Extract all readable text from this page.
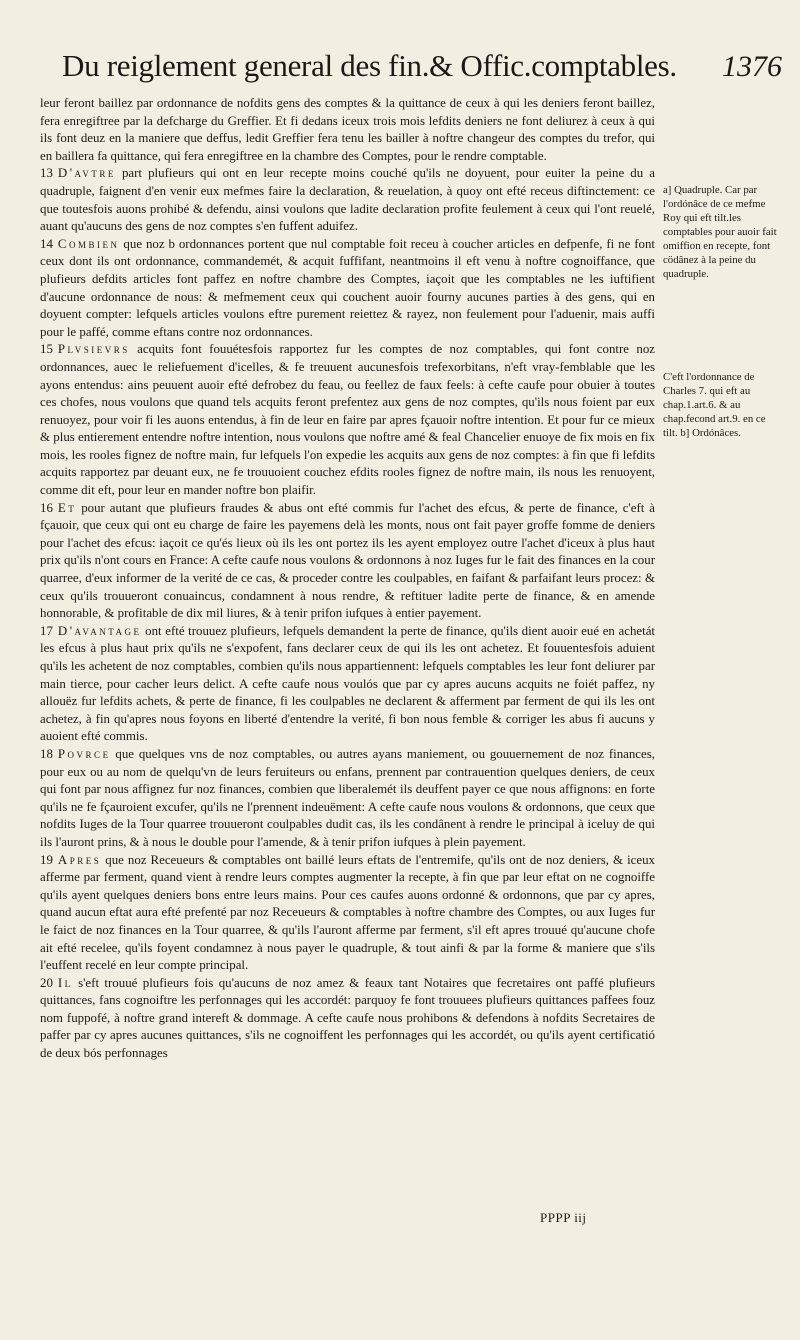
Du reiglement general des fin.& Offic.comptables. 1376

leur feront baillez par ordonnance de nofdits gens des comptes & la quittance de ceux à qui les deniers feront baillez, fera enregiftree par la defcharge du Greffier. Et fi dedans iceux trois mois lefdits deniers ne font deliurez à ceux à qui ils font deuz en la maniere que deffus, ledit Greffier fera tenu les bailler à noftre changeur des comptes du trefor, qui en baillera fa quittance, qui fera enregiftree en la chambre des Comptes, pour le rendre comptable.

13 D'avtre part plufieurs qui ont en leur recepte moins couché qu'ils ne doyuent, pour euiter la peine du a quadruple, faignent d'en venir eux mefmes faire la declaration, & reuelation, à quoy ont efté receus diftinctement: ce que toutesfois auons prohibé & defendu, ainsi voulons que ladite declaration profite feulement à ceux qui l'ont reuelé, auant qu'aucuns des gens de noz comptes s'en fuffent aduifez.

14 Combien que noz b ordonnances portent que nul comptable foit receu à coucher articles en defpenfe, fi ne font ceux dont ils ont ordonnance, commandemét, & acquit fuffifant, neantmoins il eft venu à noftre cognoiffance, que plufieurs defdits articles font paffez en noftre chambre des Comptes, iaçoit que les comptables ne les iuftifient d'aucune ordonnance de nous: & mefmement ceux qui couchent auoir fourny aucunes parties à des gens, qui en doyuent compter: lefquels articles voulons eftre purement reiettez & rayez, non feulement pour l'aduenir, mais auffi pour le paffé, comme eftans contre noz ordonnances.

15 Plvsievrs acquits font fouuétesfois rapportez fur les comptes de noz comptables, qui font contre noz ordonnances, auec le reliefuement d'icelles, & fe treuuent aucunesfois trefexorbitans, n'eft vray-femblable que les ayons entendus: ains peuuent auoir efté defrobez du feau, ou feellez de faux feels: à cefte caufe pour obuier à toutes ces chofes, nous voulons que quand tels acquits feront prefentez aux gens de noz comptes, qu'ils nous foient par eux renuoyez, pour voir fi les auons entendus, à fin de leur en faire par apres fçauoir noftre intention. Et pour fur ce mieux & plus entierement entendre noftre intention, nous voulons que noftre amé & feal Chancelier enuoye de fix mois en fix mois, les rooles fignez de noftre main, fur lefquels l'on expedie les acquits aux gens de noz comptes: à fin que fi lefdits acquits rapportez par deuant eux, ne fe trouuoient couchez efdits rooles fignez de noftre main, ils nous les renuoyent, comme dit eft, pour leur en mander noftre bon plaifir.

16 Et pour autant que plufieurs fraudes & abus ont efté commis fur l'achet des efcus, & perte de finance, c'eft à fçauoir, que ceux qui ont eu charge de faire les payemens delà les monts, nous ont fait payer groffe fomme de deniers pour l'achet des efcus: iaçoit ce qu'és lieux où ils les ont portez ils les ayent employez outre l'achet d'iceux à plus haut prix qu'ils n'ont cours en France: A cefte caufe nous voulons & ordonnons à noz Iuges fur le fait des finances en la cour quarree, d'eux informer de la verité de ce cas, & proceder contre les coulpables, en faifant & parfaifant leurs procez: & ceux qu'ils trouueront conuaincus, condamnent à nous rendre, & reftituer ladite perte de finance, & en amende honnorable, & profitable de dix mil liures, & à tenir prifon iufques à entier payement.

17 D'avantage ont efté trouuez plufieurs, lefquels demandent la perte de finance, qu'ils dient auoir eué en achetát les efcus à plus haut prix qu'ils ne s'expofent, fans declarer ceux de qui ils les ont achetez. Et fouuentesfois aduient qu'ils les achetent de noz comptables, combien qu'ils nous appartiennent: lefquels comptables les leur font deliurer par main tierce, pour cacher leurs delict. A cefte caufe nous voulós que par cy apres aucuns acquits ne foiét paffez, ny allouëz fur lefdits achets, & perte de finance, fi les coulpables ne declarent & afferment par ferment de qui ils les ont achetez, à fin qu'apres nous foyons en liberté d'entendre la verité, fi bon nous femble & corriger les abus fi aucuns y auoient efté commis.

18 Povrce que quelques vns de noz comptables, ou autres ayans maniement, ou gouuernement de noz finances, pour eux ou au nom de quelqu'vn de leurs feruiteurs ou enfans, prennent par contrauention quelques deniers, de ceux qui font par nous affignez fur noz finances, combien que liberalemét ils deuffent payer ce que nous affignons: en forte qu'ils ne fe fçauroient excufer, qu'ils ne l'prennent indeuëment: A cefte caufe nous voulons & ordonnons, que ceux que nofdits Iuges de la Tour quarree trouueront coulpables dudit cas, ils les condânent à rendre le principal à iceluy de qui ils l'auront prins, & à nous le double pour l'amende, & à tenir prifon iufques à plein payement.

19 Apres que noz Receueurs & comptables ont baillé leurs eftats de l'entremife, qu'ils ont de noz deniers, & iceux afferme par ferment, quand vient à rendre leurs comptes augmenter la recepte, à fin que par leur eftat on ne cognoiffe qu'ils ayent quelques deniers bons entre leurs mains. Pour ces caufes auons ordonné & ordonnons, que par cy apres, quand aucun eftat aura efté prefenté par noz Receueurs & comptables à noftre chambre des Comptes, ou aux Iuges fur le faict de noz finances en la Tour quarree, & qu'ils l'auront afferme par ferment, s'il eft apres trouué qu'aucune chofe ait efté recelee, qu'ils foyent condamnez à nous payer le quadruple, & tout ainfi & par la forme & maniere que s'ils l'euffent recelé en leur compte principal.

20 Il s'eft trouué plufieurs fois qu'aucuns de noz amez & feaux tant Notaires que fecretaires ont paffé plufieurs quittances, fans cognoiftre les perfonnages qui les accordét: parquoy fe font trouuees plufieurs quittances paffees fouz nom fuppofé, à noftre grand intereft & dommage. A cefte caufe nous prohibons & defendons à nofdits Secretaires de paffer par cy apres aucunes quittances, s'ils ne cognoiffent les perfonnages qui les accordét, ou qu'ils ayent certificatió de deux bós perfonnages

a] Quadruple. Car par l'ordónâce de ce mefme Roy qui eft tilt.les comptables pour auoir fait omiffion en recepte, font cödânez à la peine du quadruple.

C'eft l'ordonnance de Charles 7. qui eft au chap.1.art.6. & au chap.fecond art.9. en ce tilt. b] Ordónâces.

PPPP iij
